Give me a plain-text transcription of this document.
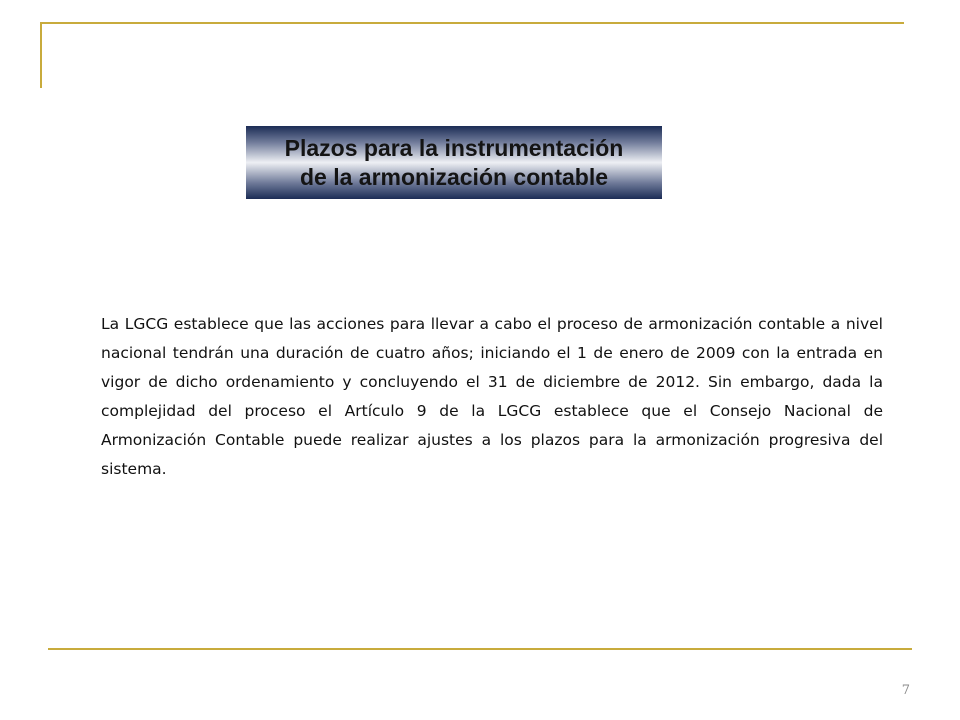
Plazos para la instrumentación
de la armonización contable

La LGCG establece que las acciones para llevar a cabo el proceso de armonización contable a nivel nacional tendrán una duración de cuatro años; iniciando el 1 de enero de 2009 con la entrada en vigor de dicho ordenamiento y concluyendo el 31 de diciembre de 2012. Sin embargo, dada la complejidad del proceso el Artículo 9 de la LGCG establece que el Consejo Nacional de Armonización Contable puede realizar ajustes a los plazos para la armonización progresiva del sistema.

7
